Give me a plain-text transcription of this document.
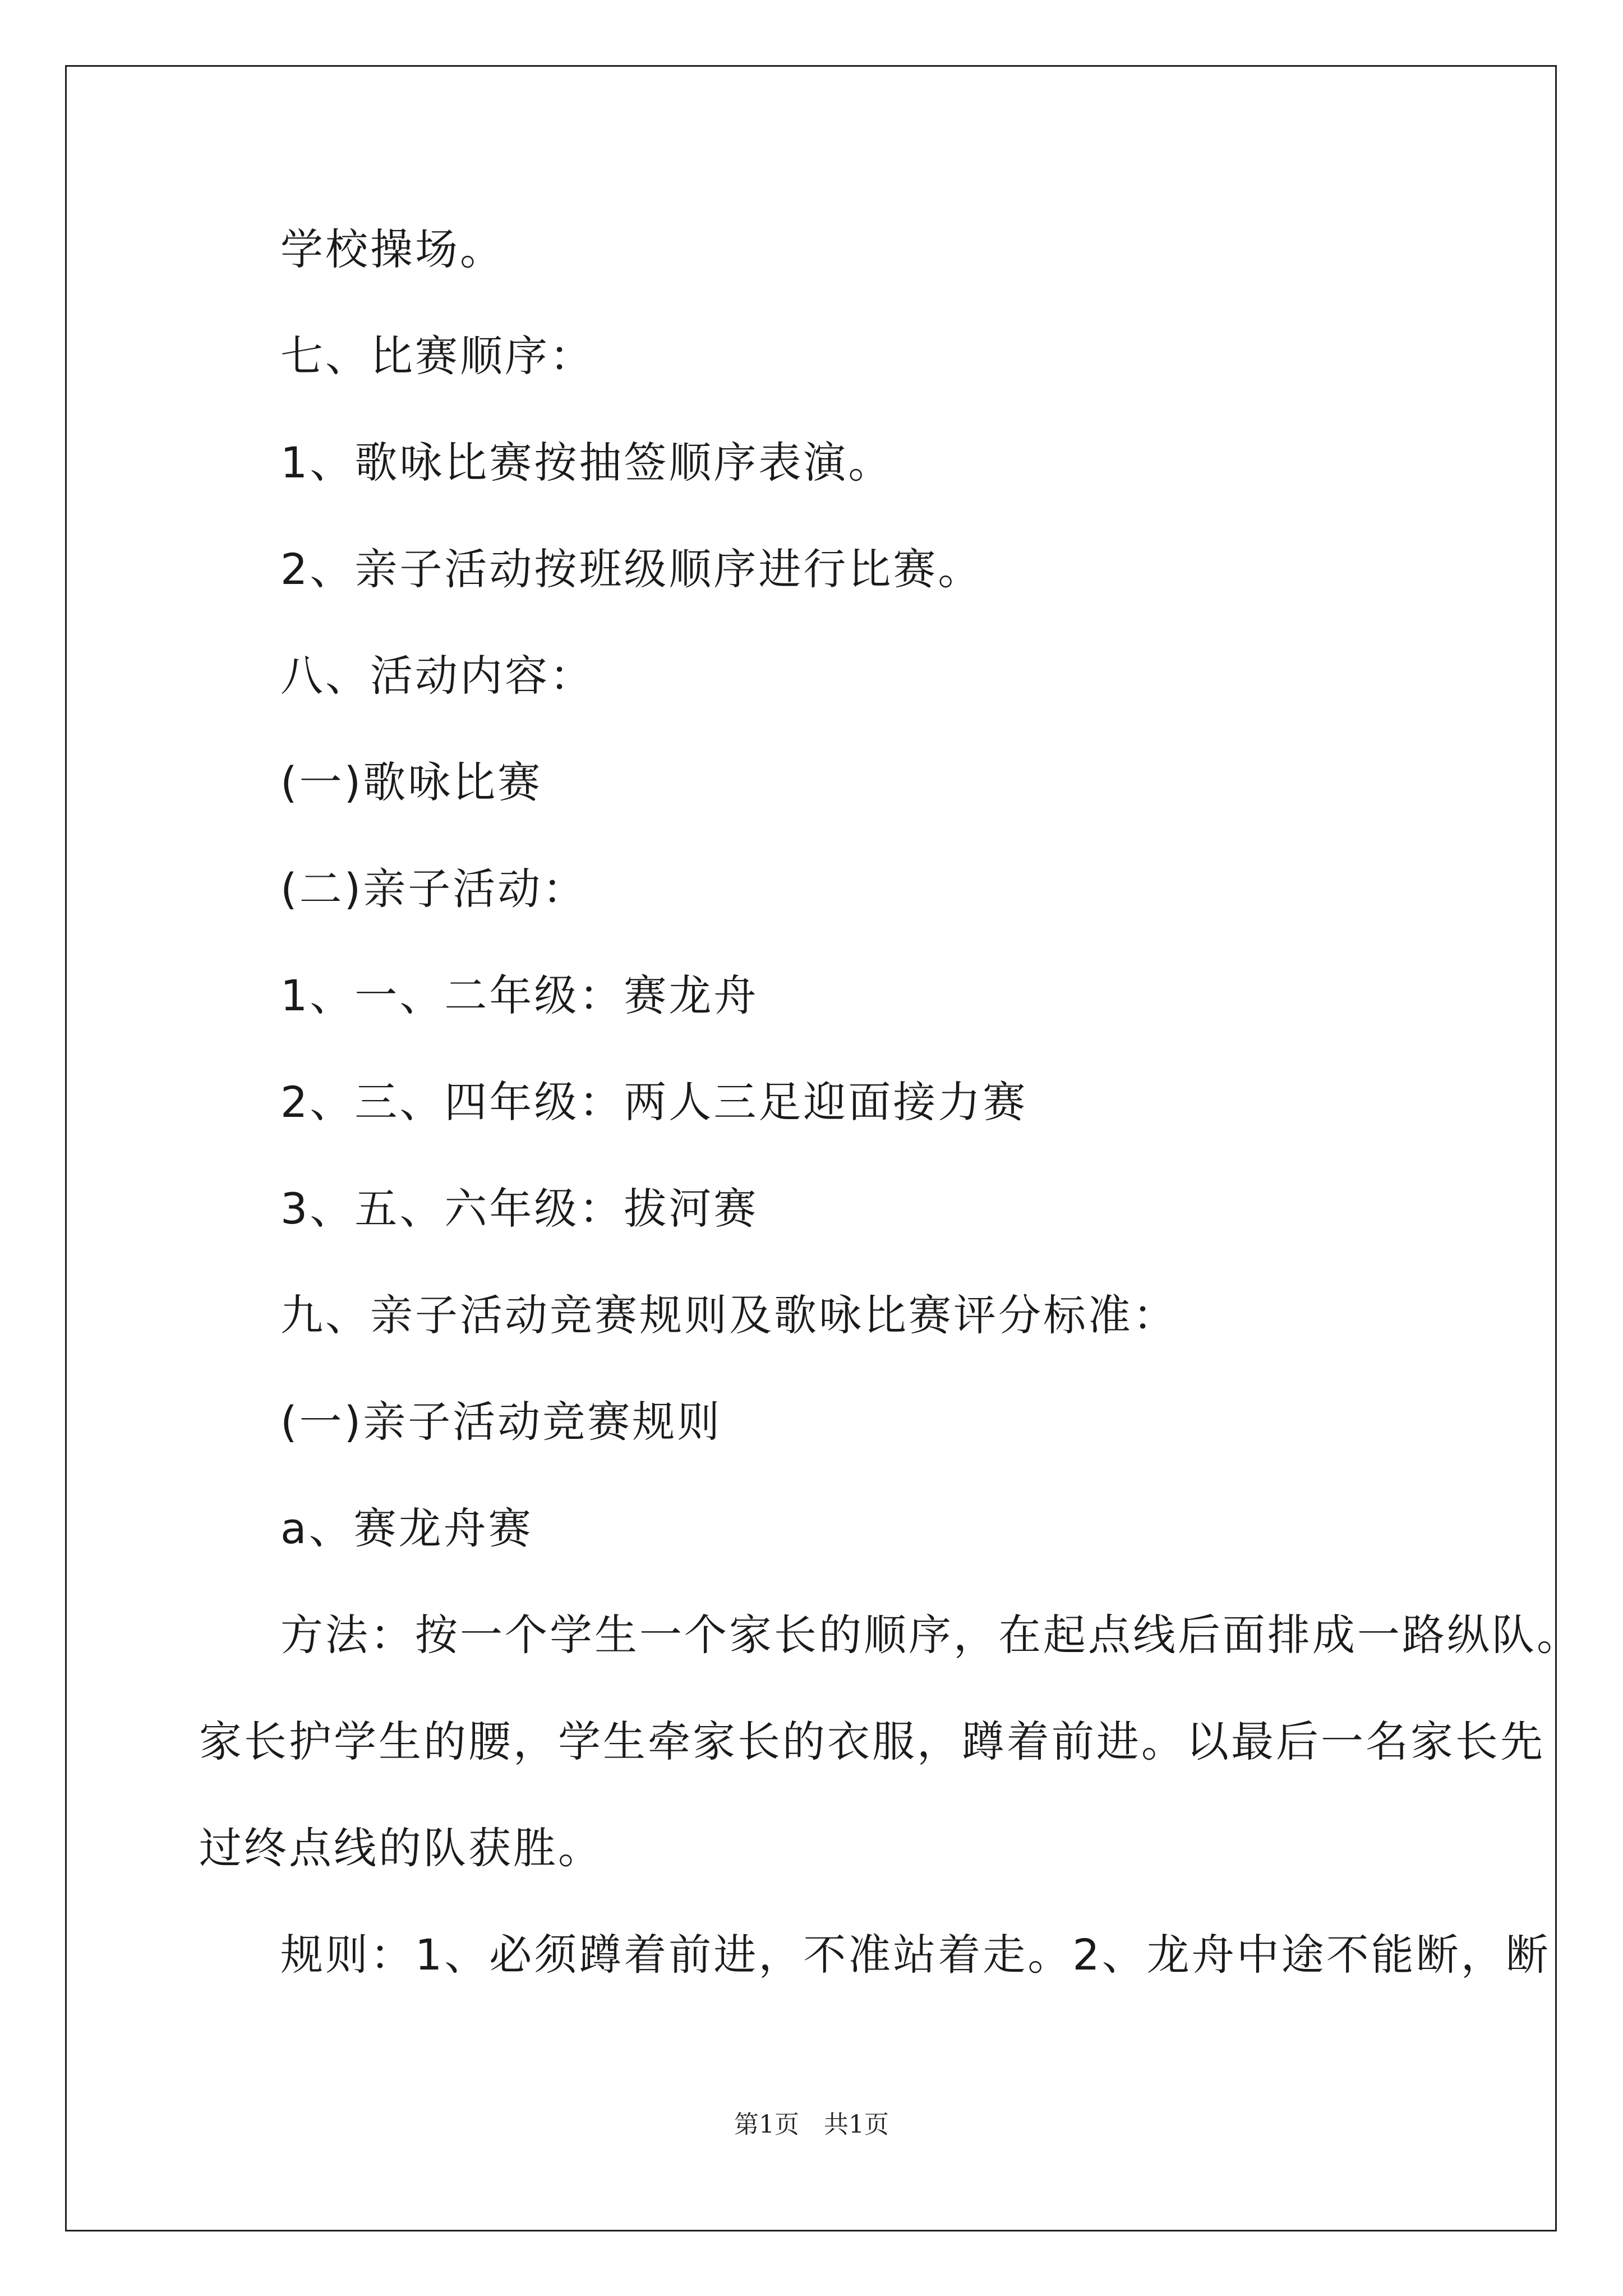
学校操场。
七、比赛顺序：
1、歌咏比赛按抽签顺序表演。
2、亲子活动按班级顺序进行比赛。
八、活动内容：
(一)歌咏比赛
(二)亲子活动：
1、一、二年级：赛龙舟
2、三、四年级：两人三足迎面接力赛
3、五、六年级：拔河赛
九、亲子活动竞赛规则及歌咏比赛评分标准：
(一)亲子活动竞赛规则
a、赛龙舟赛
方法：按一个学生一个家长的顺序，在起点线后面排成一路纵队。
家长护学生的腰，学生牵家长的衣服，蹲着前进。以最后一名家长先
过终点线的队获胜。
规则：1、必须蹲着前进，不准站着走。2、龙舟中途不能断，断
第1页　共1页
